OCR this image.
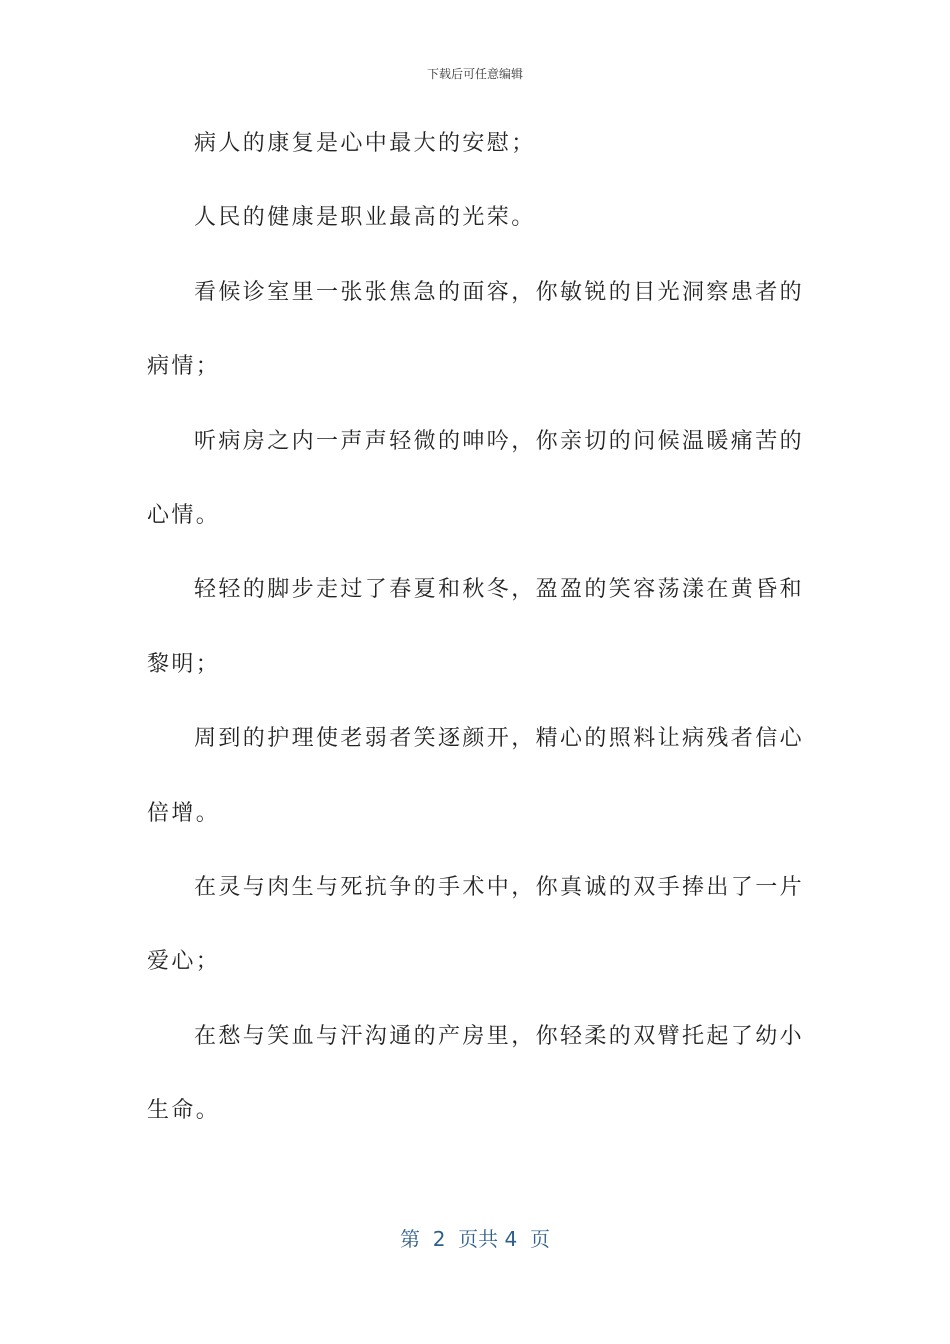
下载后可任意编辑

病人的康复是心中最大的安慰；

人民的健康是职业最高的光荣。

看候诊室里一张张焦急的面容，你敏锐的目光洞察患者的

病情；

听病房之内一声声轻微的呻吟，你亲切的问候温暖痛苦的

心情。

轻轻的脚步走过了春夏和秋冬，盈盈的笑容荡漾在黄昏和

黎明；

周到的护理使老弱者笑逐颜开，精心的照料让病残者信心

倍增。

在灵与肉生与死抗争的手术中，你真诚的双手捧出了一片

爱心；

在愁与笑血与汗沟通的产房里，你轻柔的双臂托起了幼小

生命。

第  2  页共 4  页
